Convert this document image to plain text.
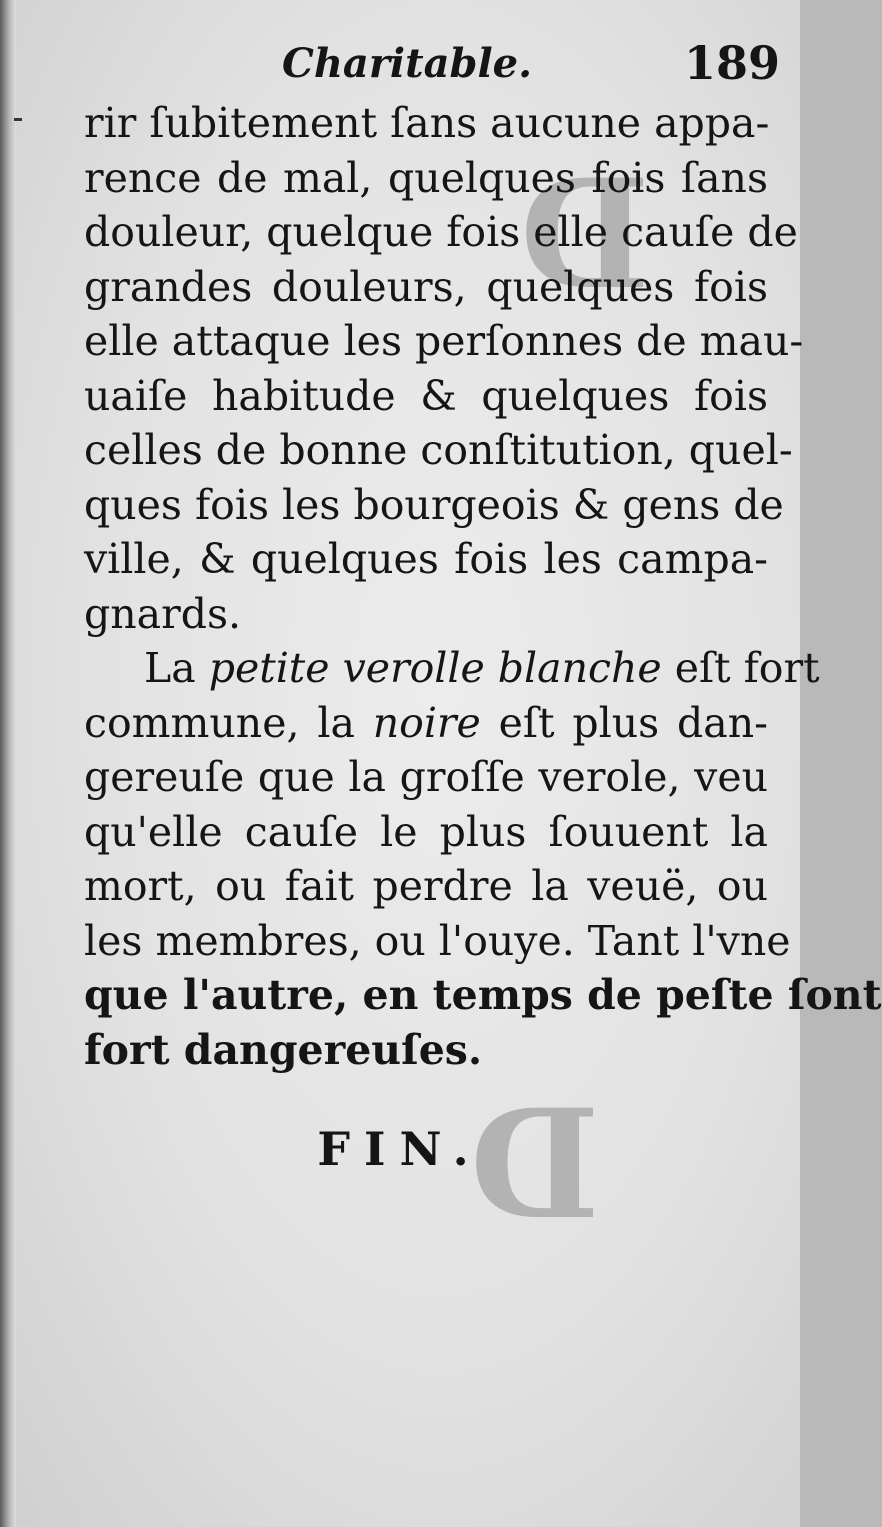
D
D
Charitable.	189
rir ſubitement ſans aucune appa-
rence de mal, quelques fois ſans
douleur, quelque fois elle cauſe de
grandes douleurs, quelques fois
elle attaque les perſonnes de mau-
uaiſe habitude & quelques fois
celles de bonne conſtitution, quel-
ques fois les bourgeois & gens de
ville, & quelques fois les campa-
gnards.
La petite verolle blanche eſt fort
commune, la noire eſt plus dan-
gereuſe que la groſſe verole, veu
qu'elle cauſe le plus ſouuent la
mort, ou fait perdre la veuë, ou
les membres, ou l'ouye. Tant l'vne
que l'autre, en temps de peſte ſont
fort dangereuſes.
FIN.
